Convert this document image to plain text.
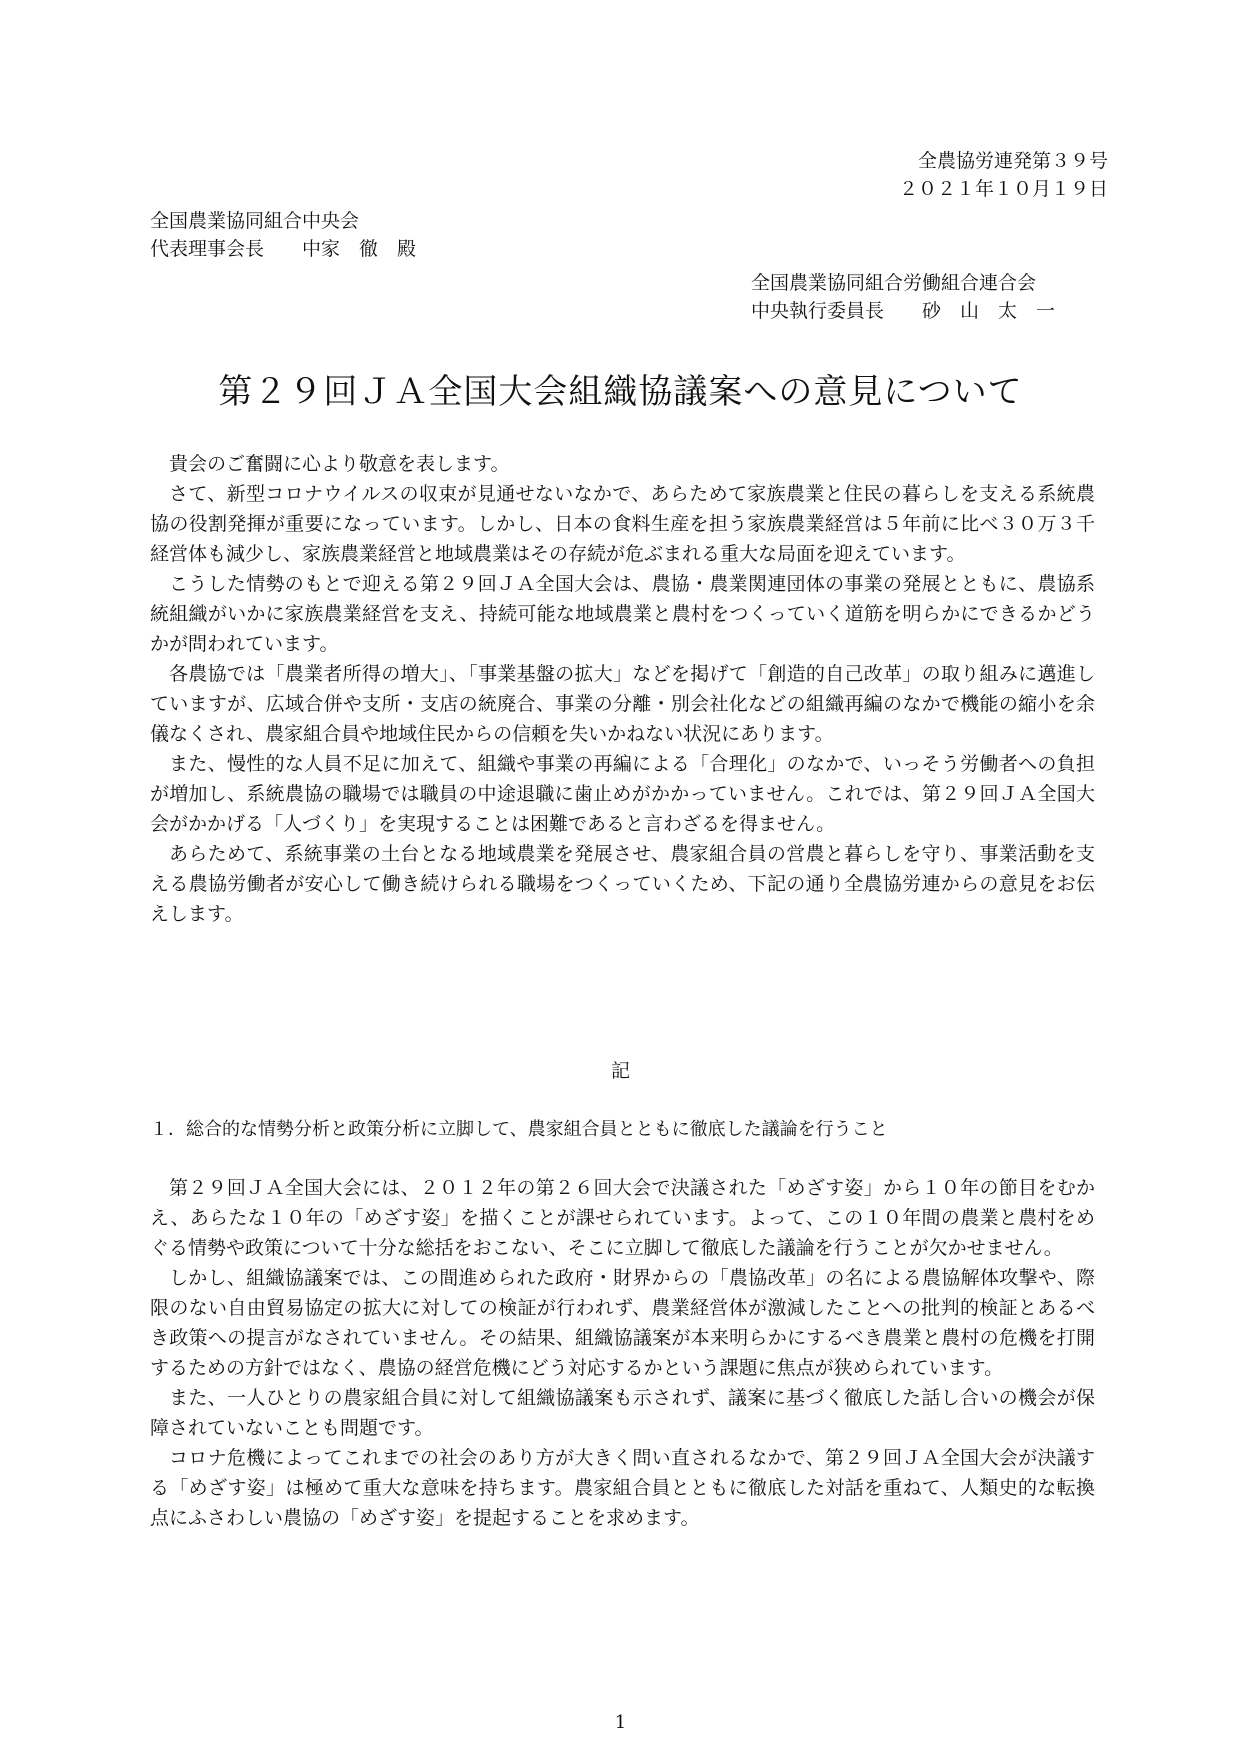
全農協労連発第３９号
２０２１年１０月１９日
全国農業協同組合中央会
代表理事会長　　中家　徹　殿
全国農業協同組合労働組合連合会
中央執行委員長　　砂　山　太　一
第２９回ＪＡ全国大会組織協議案への意見について

貴会のご奮闘に心より敬意を表します。

さて、新型コロナウイルスの収束が見通せないなかで、あらためて家族農業と住民の暮らしを支える系統農協の役割発揮が重要になっています。しかし、日本の食料生産を担う家族農業経営は５年前に比べ３０万３千経営体も減少し、家族農業経営と地域農業はその存続が危ぶまれる重大な局面を迎えています。

こうした情勢のもとで迎える第２９回ＪＡ全国大会は、農協・農業関連団体の事業の発展とともに、農協系統組織がいかに家族農業経営を支え、持続可能な地域農業と農村をつくっていく道筋を明らかにできるかどうかが問われています。

各農協では「農業者所得の増大」、「事業基盤の拡大」などを掲げて「創造的自己改革」の取り組みに邁進していますが、広域合併や支所・支店の統廃合、事業の分離・別会社化などの組織再編のなかで機能の縮小を余儀なくされ、農家組合員や地域住民からの信頼を失いかねない状況にあります。

また、慢性的な人員不足に加えて、組織や事業の再編による「合理化」のなかで、いっそう労働者への負担が増加し、系統農協の職場では職員の中途退職に歯止めがかかっていません。これでは、第２９回ＪＡ全国大会がかかげる「人づくり」を実現することは困難であると言わざるを得ません。

あらためて、系統事業の土台となる地域農業を発展させ、農家組合員の営農と暮らしを守り、事業活動を支える農協労働者が安心して働き続けられる職場をつくっていくため、下記の通り全農協労連からの意見をお伝えします。

記
１．総合的な情勢分析と政策分析に立脚して、農家組合員とともに徹底した議論を行うこと

第２９回ＪＡ全国大会には、２０１２年の第２６回大会で決議された「めざす姿」から１０年の節目をむかえ、あらたな１０年の「めざす姿」を描くことが課せられています。よって、この１０年間の農業と農村をめぐる情勢や政策について十分な総括をおこない、そこに立脚して徹底した議論を行うことが欠かせません。

しかし、組織協議案では、この間進められた政府・財界からの「農協改革」の名による農協解体攻撃や、際限のない自由貿易協定の拡大に対しての検証が行われず、農業経営体が激減したことへの批判的検証とあるべき政策への提言がなされていません。その結果、組織協議案が本来明らかにするべき農業と農村の危機を打開するための方針ではなく、農協の経営危機にどう対応するかという課題に焦点が狭められています。

また、一人ひとりの農家組合員に対して組織協議案も示されず、議案に基づく徹底した話し合いの機会が保障されていないことも問題です。

コロナ危機によってこれまでの社会のあり方が大きく問い直されるなかで、第２９回ＪＡ全国大会が決議する「めざす姿」は極めて重大な意味を持ちます。農家組合員とともに徹底した対話を重ねて、人類史的な転換点にふさわしい農協の「めざす姿」を提起することを求めます。

1
